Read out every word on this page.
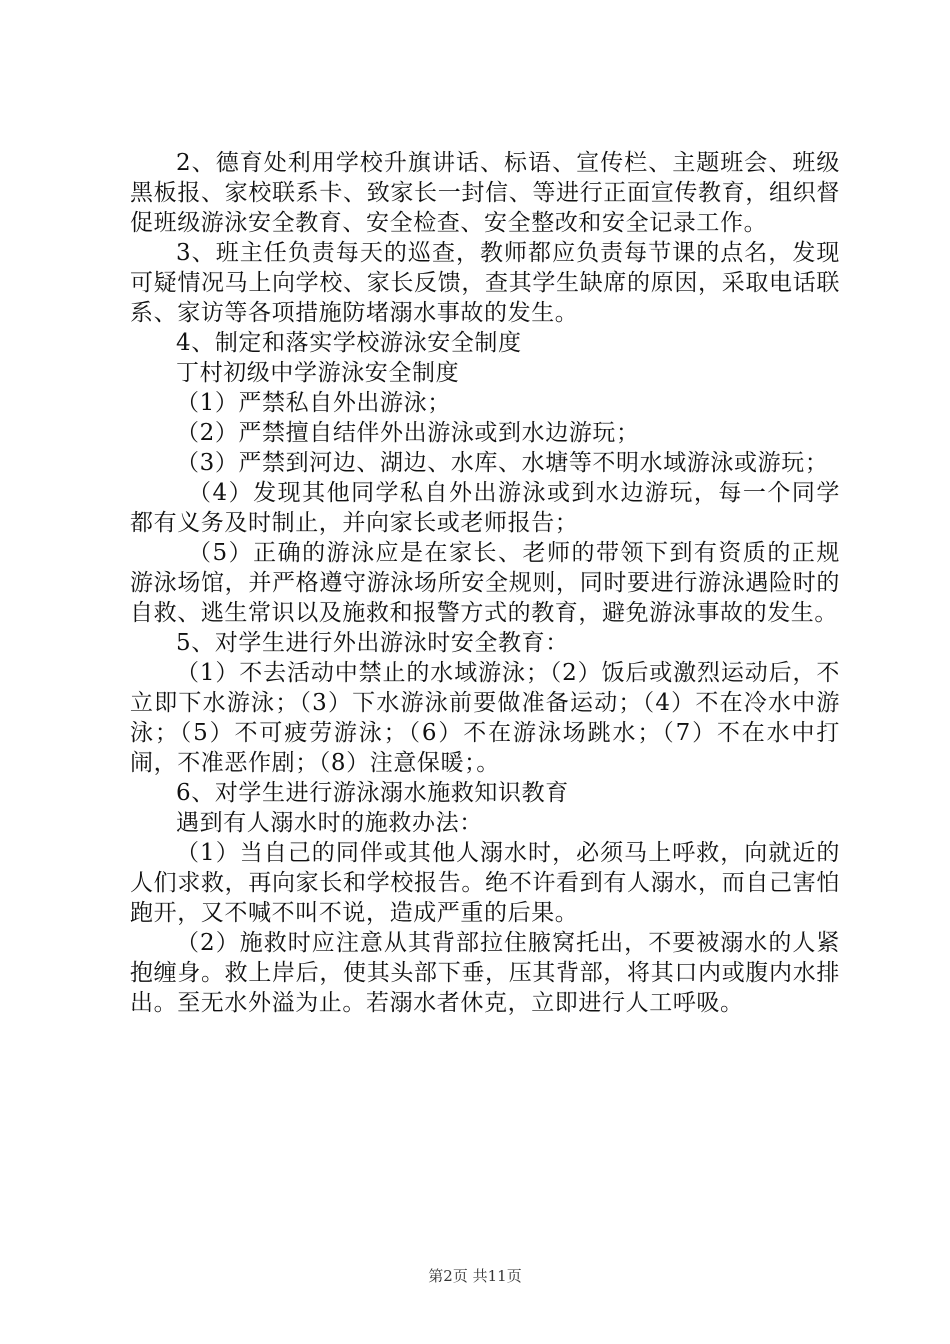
2、德育处利用学校升旗讲话、标语、宣传栏、主题班会、班级黑板报、家校联系卡、致家长一封信、等进行正面宣传教育，组织督促班级游泳安全教育、安全检查、安全整改和安全记录工作。

3、班主任负责每天的巡查，教师都应负责每节课的点名，发现可疑情况马上向学校、家长反馈，查其学生缺席的原因，采取电话联系、家访等各项措施防堵溺水事故的发生。

4、制定和落实学校游泳安全制度

丁村初级中学游泳安全制度

（1）严禁私自外出游泳；

（2）严禁擅自结伴外出游泳或到水边游玩；

（3）严禁到河边、湖边、水库、水塘等不明水域游泳或游玩；

（4）发现其他同学私自外出游泳或到水边游玩，每一个同学都有义务及时制止，并向家长或老师报告；

（5）正确的游泳应是在家长、老师的带领下到有资质的正规游泳场馆，并严格遵守游泳场所安全规则，同时要进行游泳遇险时的自救、逃生常识以及施救和报警方式的教育，避免游泳事故的发生。

5、对学生进行外出游泳时安全教育：

（1）不去活动中禁止的水域游泳；（2）饭后或激烈运动后，不立即下水游泳；（3）下水游泳前要做准备运动；（4）不在冷水中游泳；（5）不可疲劳游泳；（6）不在游泳场跳水；（7）不在水中打闹，不准恶作剧；（8）注意保暖；。

6、对学生进行游泳溺水施救知识教育

遇到有人溺水时的施救办法：

（1）当自己的同伴或其他人溺水时，必须马上呼救，向就近的人们求救，再向家长和学校报告。绝不许看到有人溺水，而自己害怕跑开，又不喊不叫不说，造成严重的后果。

（2）施救时应注意从其背部拉住腋窝托出，不要被溺水的人紧抱缠身。救上岸后，使其头部下垂，压其背部，将其口内或腹内水排出。至无水外溢为止。若溺水者休克，立即进行人工呼吸。

第2页 共11页
